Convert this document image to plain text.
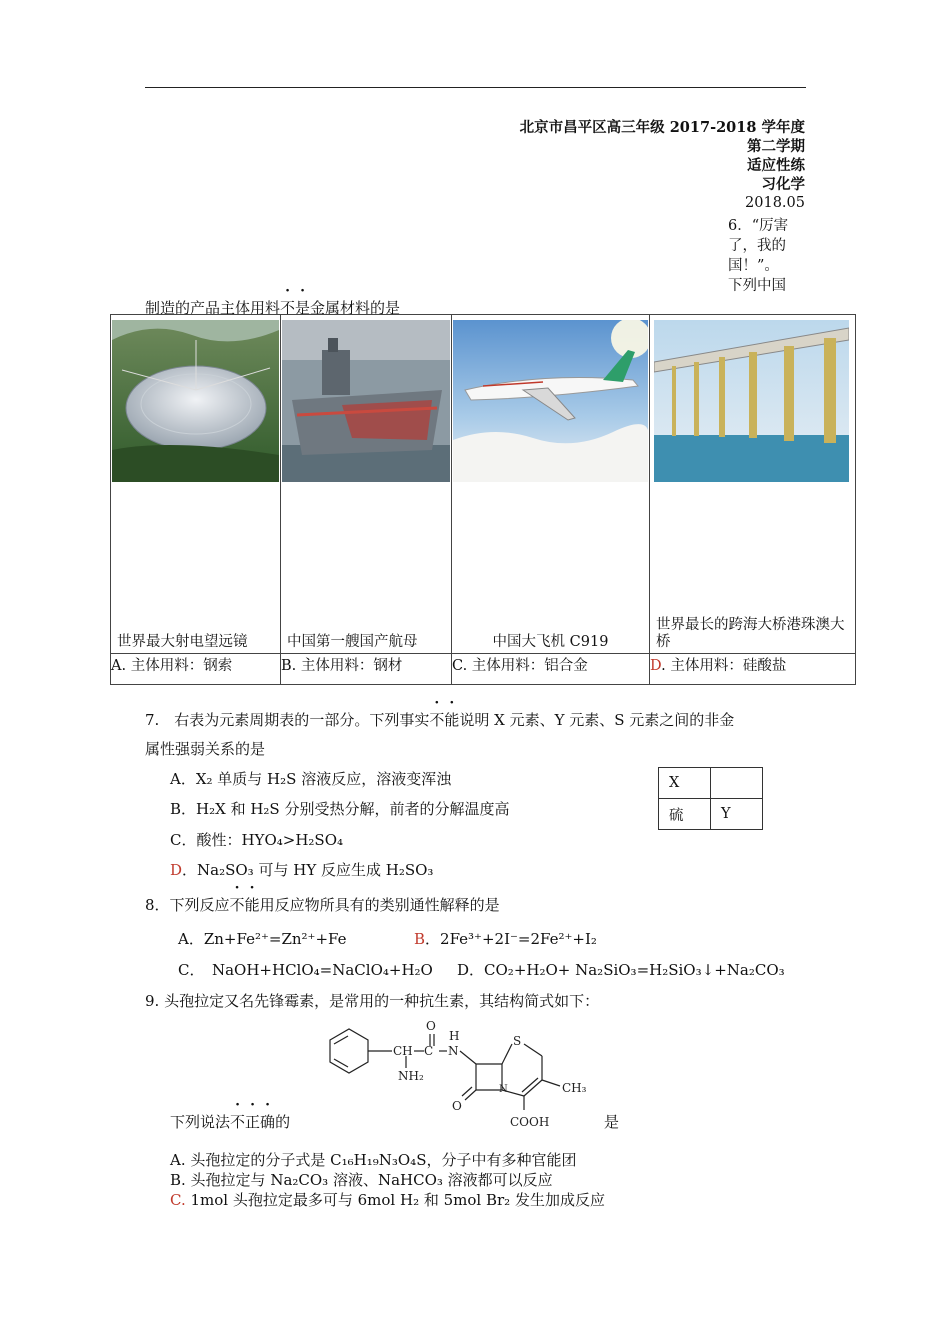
北京市昌平区高三年级 2017-2018 学年度
第二学期
适应性练
习化学
2018.05
6．“厉害
了，我的
国！”。
下列中国
制造的产品主体用料不是金属材料的是
世界最大射电望远镜	中国第一艘国产航母	中国大飞机 C919	世界最长的跨海大桥港珠澳大桥

A. 主体用料：钢索	B. 主体用料：钢材	C. 主体用料：铝合金	D. 主体用料：硅酸盐
7.　右表为元素周期表的一部分。下列事实不能说明 X 元素、Y 元素、S 元素之间的非金
属性强弱关系的是
A．X₂ 单质与 H₂S 溶液反应，溶液变浑浊
B．H₂X 和 H₂S 分别受热分解，前者的分解温度高
C．酸性：HYO₄>H₂SO₄
D．Na₂SO₃ 可与 HY 反应生成 H₂SO₃
X	
硫	Y
8．下列反应不能用反应物所具有的类别通性解释的是
A．Zn+Fe²⁺=Zn²⁺+Fe	B．2Fe³⁺+2I⁻=2Fe²⁺+I₂
C．　NaOH+HClO₄=NaClO₄+H₂O D．CO₂+H₂O+ Na₂SiO₃=H₂SiO₃↓+Na₂CO₃
9. 头孢拉定又名先锋霉素，是常用的一种抗生素，其结构简式如下：
O
H
CH C N
NH₂
S
N	CH₃
O
COOH
下列说法不正确的	是
A. 头孢拉定的分子式是 C₁₆H₁₉N₃O₄S，分子中有多种官能团
B. 头孢拉定与 Na₂CO₃ 溶液、NaHCO₃ 溶液都可以反应
C. 1mol 头孢拉定最多可与 6mol H₂ 和 5mol Br₂ 发生加成反应
